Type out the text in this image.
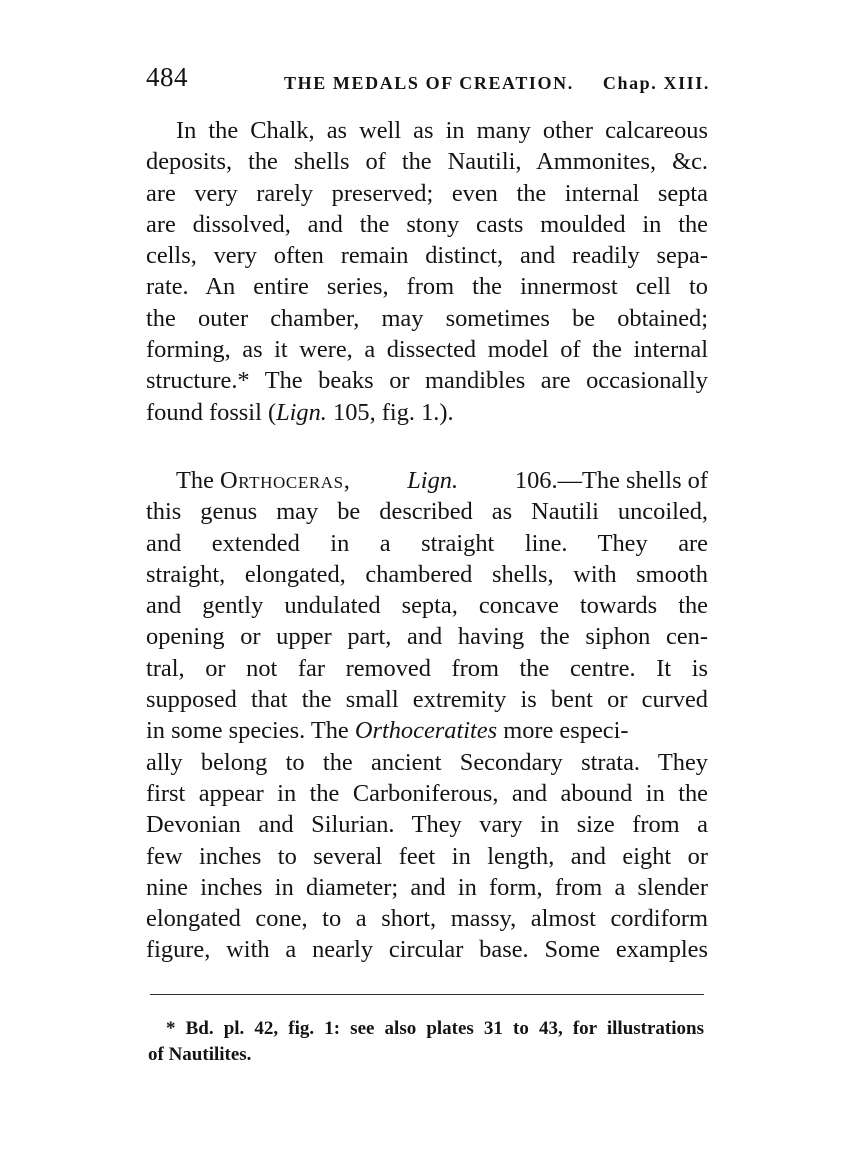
484	THE MEDALS OF CREATION. Chap. XIII.
In the Chalk, as well as in many other calcareous
deposits, the shells of the Nautili, Ammonites, &c.
are very rarely preserved; even the internal septa
are dissolved, and the stony casts moulded in the
cells, very often remain distinct, and readily sepa-
rate. An entire series, from the innermost cell to
the outer chamber, may sometimes be obtained;
forming, as it were, a dissected model of the internal
structure.* The beaks or mandibles are occasionally
found fossil ( Lign. 105, fig. 1.).
The Orthoceras, Lign. 106.—The shells of
this genus may be described as Nautili uncoiled,
and extended in a straight line. They are
straight, elongated, chambered shells, with smooth
and gently undulated septa, concave towards the
opening or upper part, and having the siphon cen-
tral, or not far removed from the centre. It is
supposed that the small extremity is bent or curved
in some species. The Orthoceratites more especi-
ally belong to the ancient Secondary strata. They
first appear in the Carboniferous, and abound in the
Devonian and Silurian. They vary in size from a
few inches to several feet in length, and eight or
nine inches in diameter; and in form, from a slender
elongated cone, to a short, massy, almost cordiform
figure, with a nearly circular base. Some examples
* Bd. pl. 42, fig. 1: see also plates 31 to 43, for illustrations
of Nautilites.
